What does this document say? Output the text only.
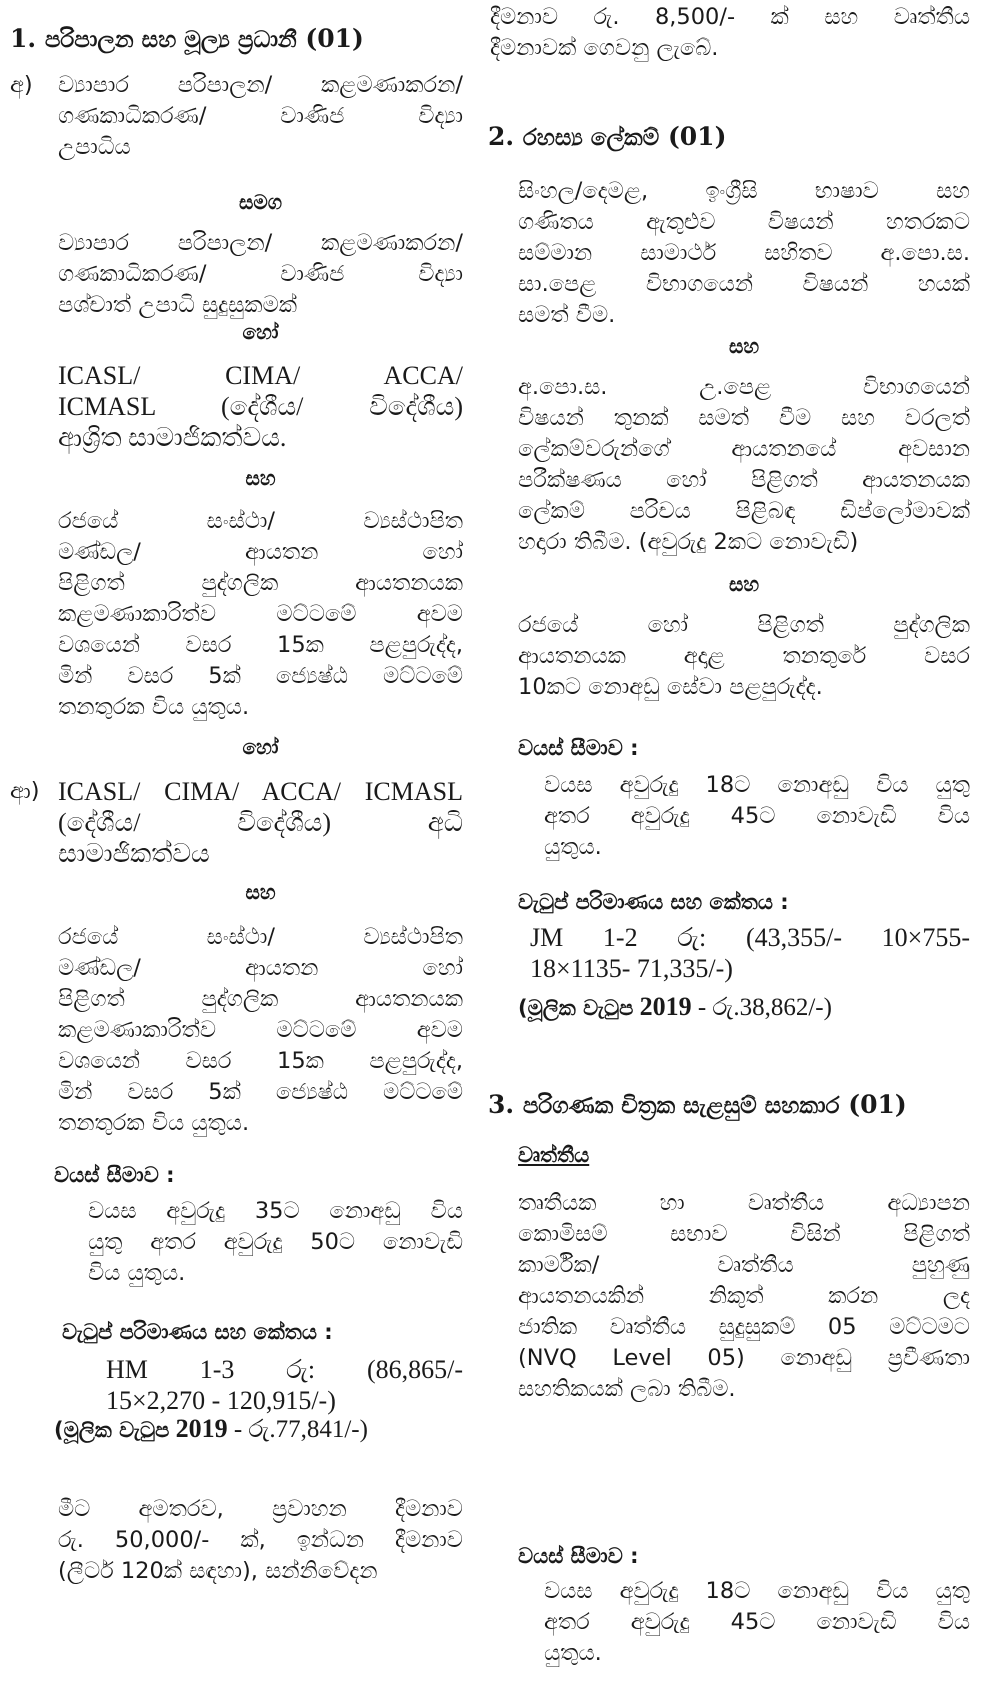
1. පරිපාලන සහ මූල්‍ය ප්‍රධානී (01)
අ) ව්‍යාපාර පරිපාලන/ කළමණාකරන/
ගණකාධිකරණ/ වාණිජ විද්‍යා
උපාධිය
සමග
ව්‍යාපාර පරිපාලන/ කළමණාකරන/
ගණකාධිකරණ/ වාණිජ විද්‍යා
පශ්චාත් උපාධි සුදුසුකමක්
හෝ
ICASL/ CIMA/ ACCA/
ICMASL (දේශීය/ විදේශීය)
ආශ්‍රිත සාමාජිකත්වය.
සහ
රජයේ සංස්ථා/ ව්‍යස්ථාපිත
මණ්ඩල/ ආයතන හෝ
පිළිගත් පුද්ගලික ආයතනයක
කළමණාකාරිත්ව මට්ටමේ අවම
වශයෙන් වසර 15ක පළපුරුද්ද,
මින් වසර 5ක් ජ්‍යෙෂ්ඨ මට්ටමේ
තනතුරක විය යුතුය.
හෝ
ආ) ICASL/ CIMA/ ACCA/ ICMASL
(දේශීය/ විදේශීය) අධි
සාමාජිකත්වය
සහ
රජයේ සංස්ථා/ ව්‍යස්ථාපිත
මණ්ඩල/ ආයතන හෝ
පිළිගත් පුද්ගලික ආයතනයක
කළමණාකාරිත්ව මට්ටමේ අවම
වශයෙන් වසර 15ක පළපුරුද්ද,
මින් වසර 5ක් ජ්‍යෙෂ්ඨ මට්ටමේ
තනතුරක විය යුතුය.
වයස් සීමාව :
වයස අවුරුදු 35ට නොඅඩු විය
යුතු අතර අවුරුදු 50ට නොවැඩි
විය යුතුය.
වැටුප් පරිමාණය සහ කේතය :
HM 1-3 රු: (86,865/-
15×2,270 - 120,915/-)
(මූලික වැටුප 2019 - රු.77,841/-)
මීට අමතරව, ප්‍රවාහන දීමනාව
රු. 50,000/- ක්, ඉන්ධන දීමනාව
(ලීටර් 120ක් සඳහා), සන්නිවේදන
දීමනාව රු. 8,500/- ක් සහ වෘත්තීය
දීමනාවක් ගෙවනු ලැබේ.
2. රහස්‍ය ලේකම් (01)
සිංහල/දෙමළ, ඉංග්‍රීසි භාෂාව සහ
ගණිතය ඇතුළුව විෂයන් හතරකට
සම්මාන සාමාර්ථ සහිතව අ.පො.ස.
සා.පෙළ විභාගයෙන් විෂයන් හයක්
සමත් වීම.
සහ
අ.පො.ස. උ.පෙළ විභාගයෙන්
විෂයන් තුනක් සමත් වීම සහ වරලත්
ලේකම්වරුන්ගේ ආයතනයේ අවසාන
පරීක්ෂණය හෝ පිළිගත් ආයතනයක
ලේකම් පරිචය පිළිබඳ ඩිප්ලෝමාවක්
හදාරා තිබීම. (අවුරුදු 2කට නොවැඩි)
සහ
රජයේ හෝ පිළිගත් පුද්ගලික
ආයතනයක අදාළ තනතුරේ වසර
10කට නොඅඩු සේවා පළපුරුද්ද.
වයස් සීමාව :
වයස අවුරුදු 18ට නොඅඩු විය යුතු
අතර අවුරුදු 45ට නොවැඩි විය
යුතුය.
වැටුප් පරිමාණය සහ කේතය :
JM 1-2 රු: (43,355/- 10×755-
18×1135- 71,335/-)
(මූලික වැටුප 2019 - රු.38,862/-)
3. පරිගණක චිත්‍රක සැළසුම් සහකාර (01)
වෘත්තීය
තෘතීයක හා වෘත්තීය අධ්‍යාපන
කොමිසම් සභාව විසින් පිළිගත්
කාර්මික/ වෘත්තීය පුහුණු
ආයතනයකින් නිකුත් කරන ලද
ජාතික වෘත්තීය සුදුසුකම් 05 මට්ටමට
(NVQ Level 05) නොඅඩු ප්‍රවීණතා
සහතිකයක් ලබා තිබීම.
වයස් සීමාව :
වයස අවුරුදු 18ට නොඅඩු විය යුතු
අතර අවුරුදු 45ට නොවැඩි විය
යුතුය.
